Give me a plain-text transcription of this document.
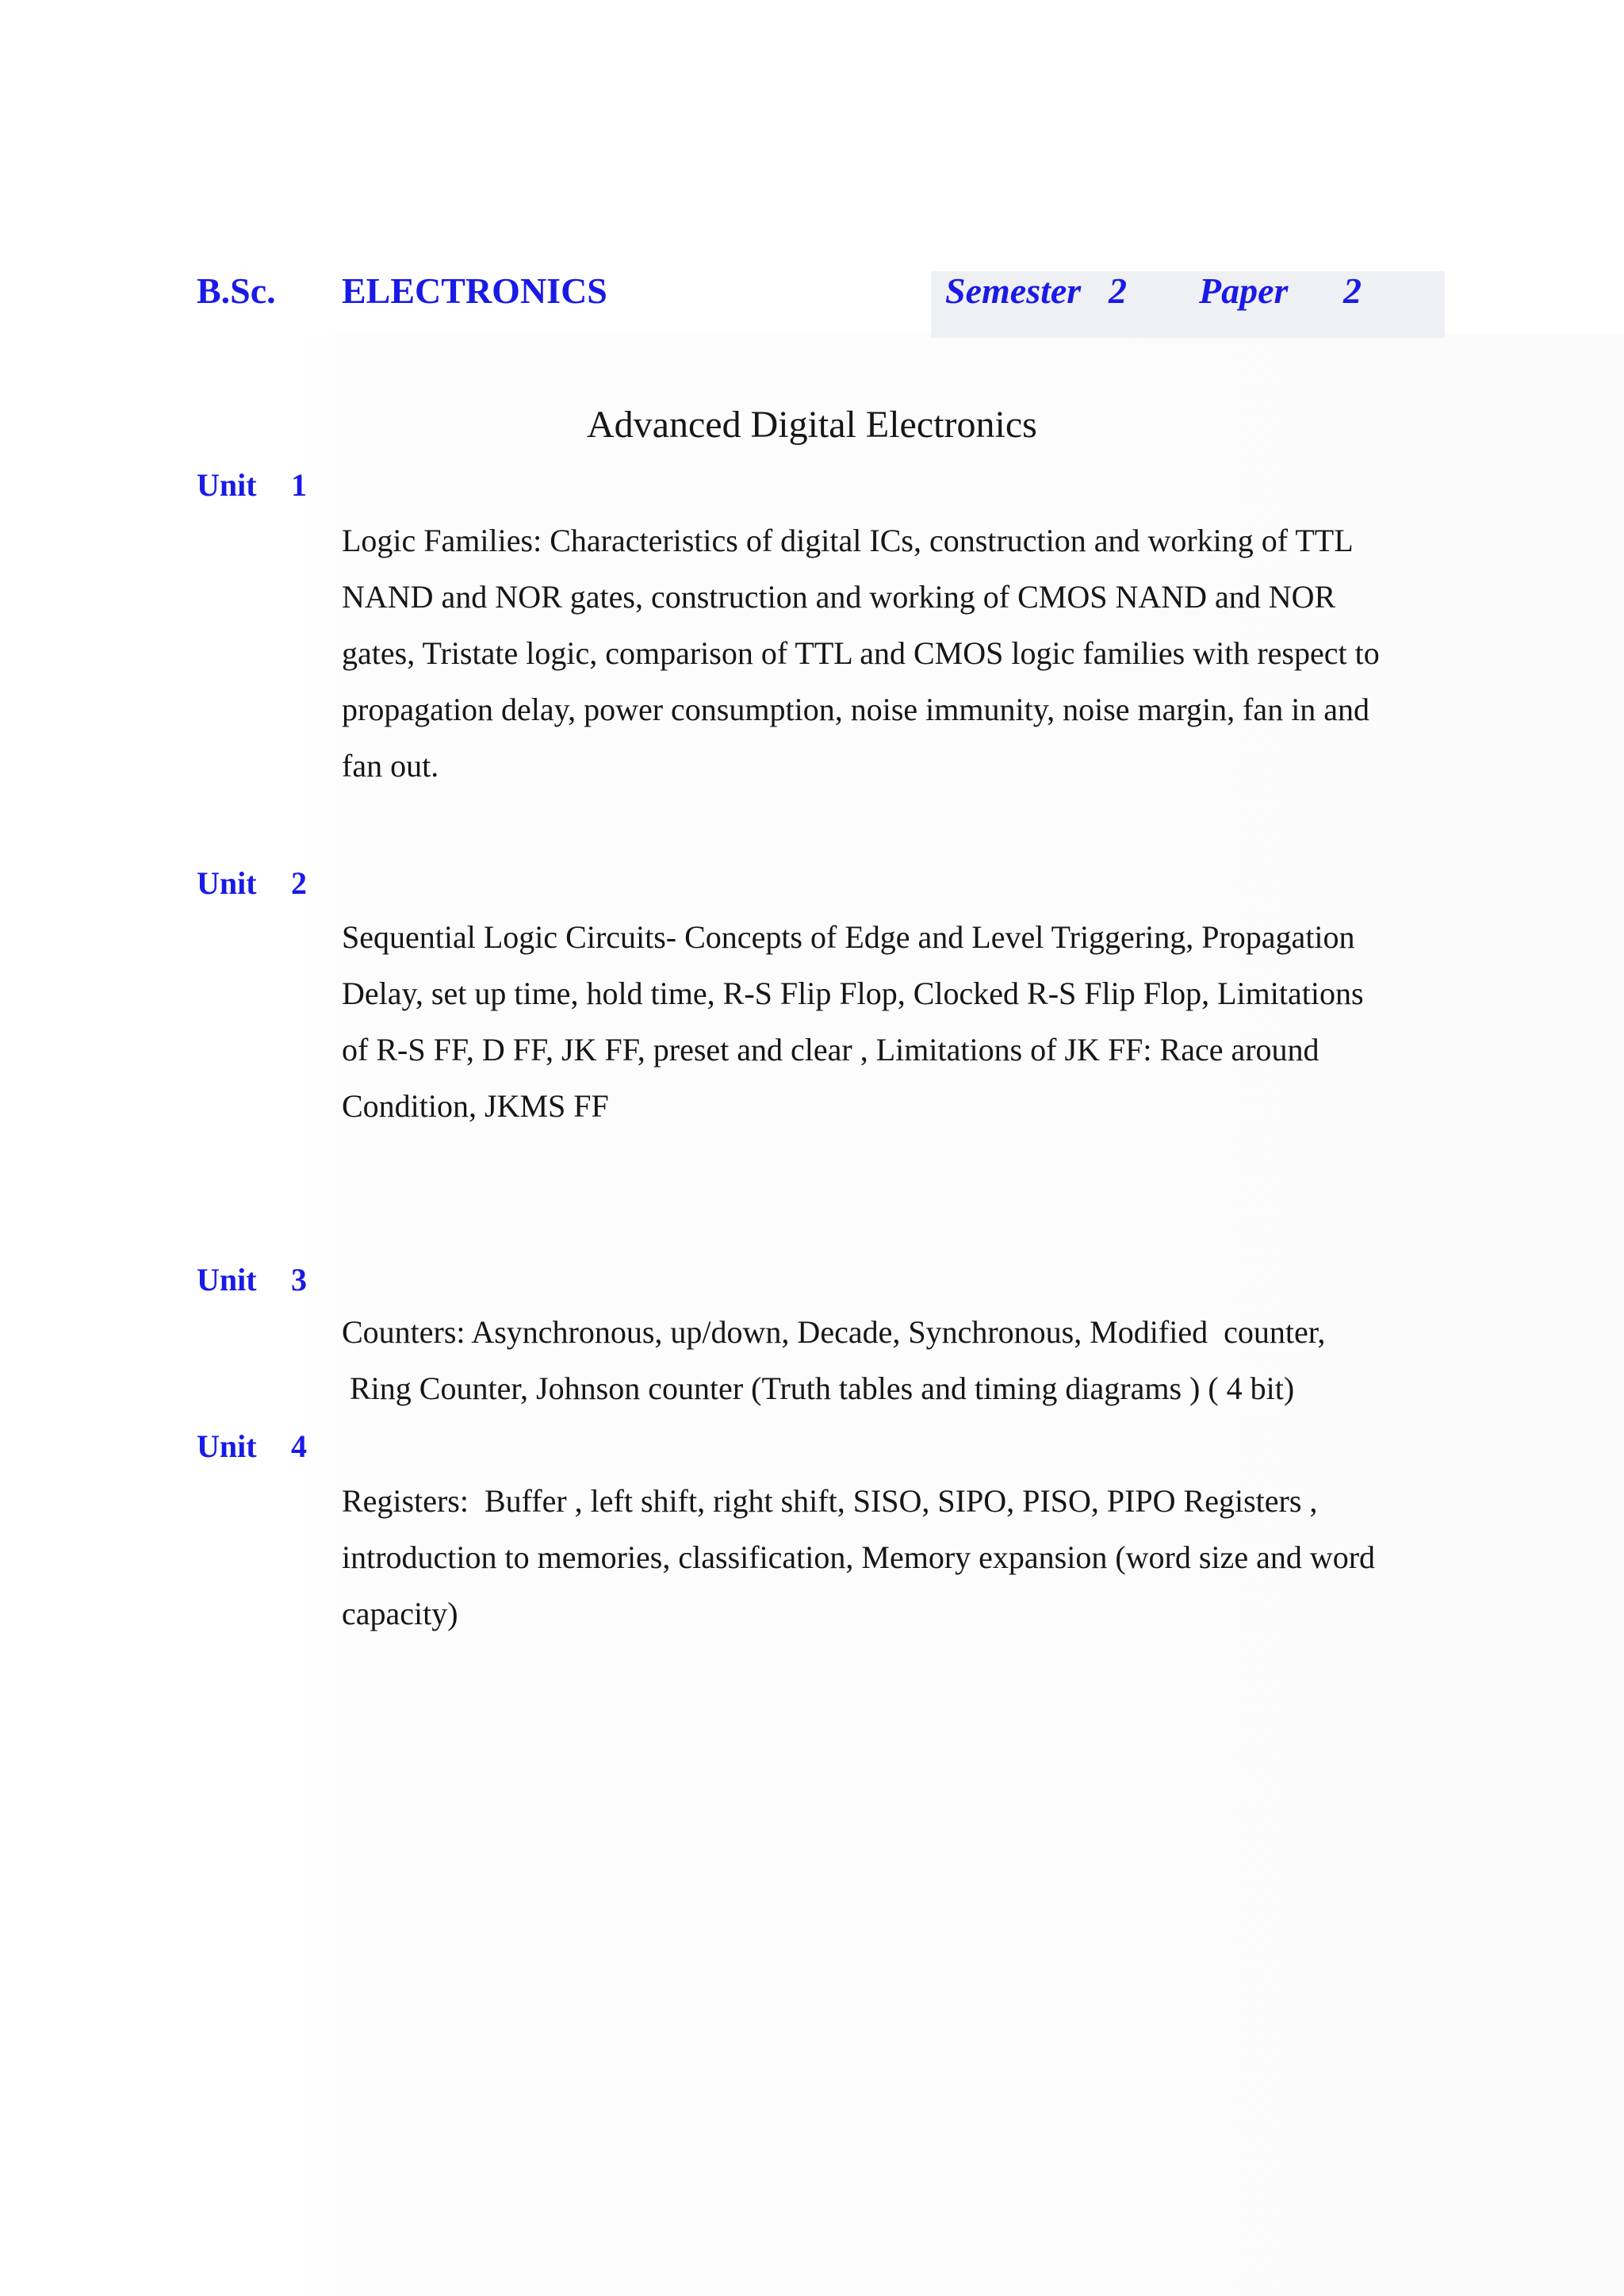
B.Sc. ELECTRONICS	Semester 2 Paper 2
Advanced Digital Electronics
Unit 1
Logic Families: Characteristics of digital ICs, construction and working of TTL
NAND and NOR gates, construction and working of CMOS NAND and NOR
gates, Tristate logic, comparison of TTL and CMOS logic families with respect to
propagation delay, power consumption, noise immunity, noise margin, fan in and
fan out.
Unit 2
Sequential Logic Circuits- Concepts of Edge and Level Triggering, Propagation
Delay, set up time, hold time, R-S Flip Flop, Clocked R-S Flip Flop, Limitations
of R-S FF, D FF, JK FF, preset and clear , Limitations of JK FF: Race around
Condition, JKMS FF
Unit 3
Counters: Asynchronous, up/down, Decade, Synchronous, Modified  counter,
Ring Counter, Johnson counter (Truth tables and timing diagrams ) ( 4 bit)
Unit 4
Registers:  Buffer , left shift, right shift, SISO, SIPO, PISO, PIPO Registers ,
introduction to memories, classification, Memory expansion (word size and word
capacity)
